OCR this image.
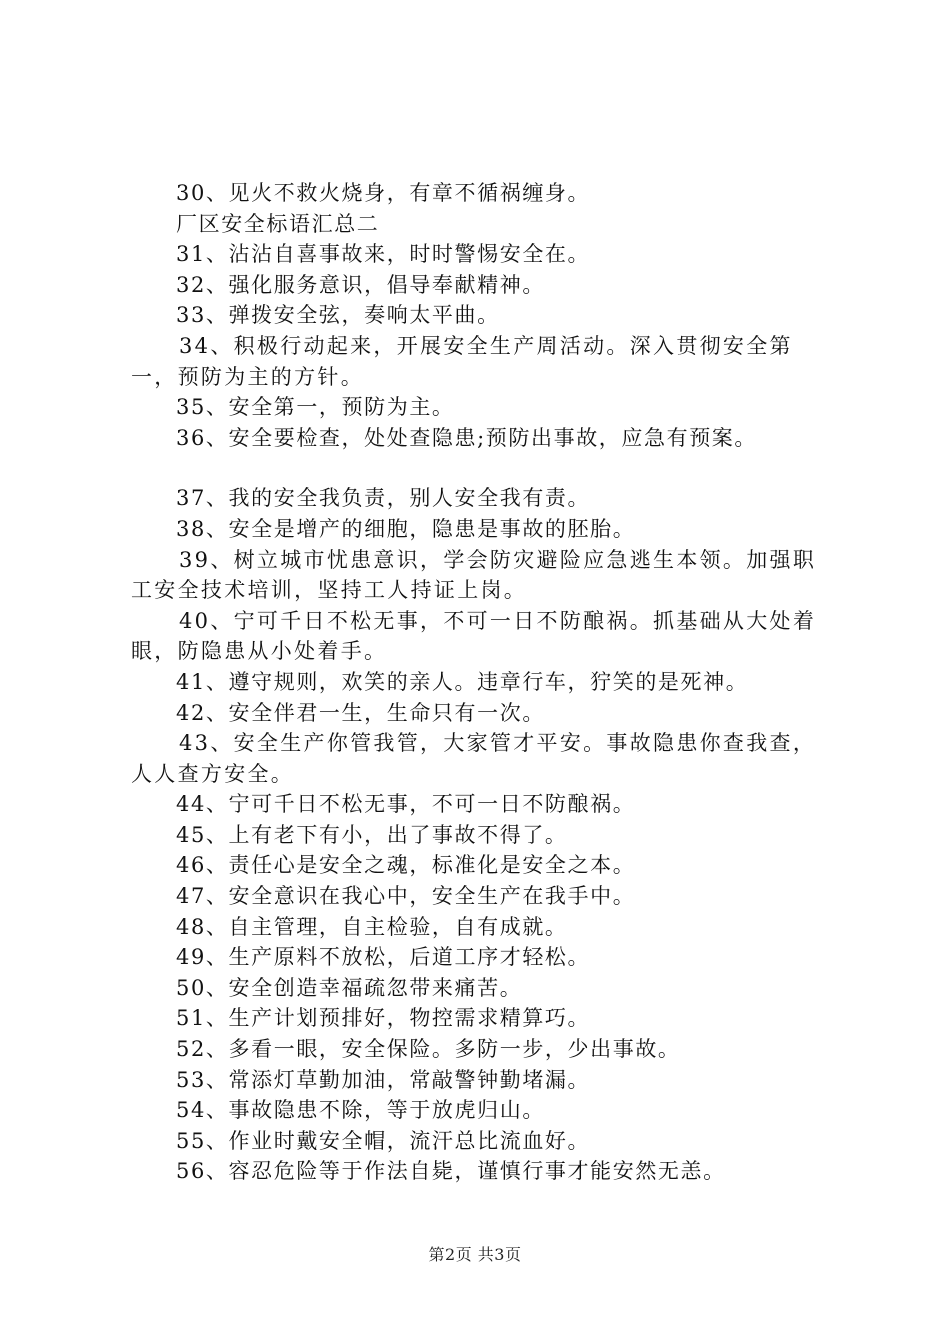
30、见火不救火烧身，有章不循祸缠身。
厂区安全标语汇总二
31、沾沾自喜事故来，时时警惕安全在。
32、强化服务意识，倡导奉献精神。
33、弹拨安全弦，奏响太平曲。
34、积极行动起来，开展安全生产周活动。深入贯彻安全第一，预防为主的方针。
35、安全第一，预防为主。
36、安全要检查，处处查隐患;预防出事故，应急有预案。
37、我的安全我负责，别人安全我有责。
38、安全是增产的细胞，隐患是事故的胚胎。
39、树立城市忧患意识，学会防灾避险应急逃生本领。加强职工安全技术培训，坚持工人持证上岗。
40、宁可千日不松无事，不可一日不防酿祸。抓基础从大处着眼，防隐患从小处着手。
41、遵守规则，欢笑的亲人。违章行车，狞笑的是死神。
42、安全伴君一生，生命只有一次。
43、安全生产你管我管，大家管才平安。事故隐患你查我查，人人查方安全。
44、宁可千日不松无事，不可一日不防酿祸。
45、上有老下有小，出了事故不得了。
46、责任心是安全之魂，标准化是安全之本。
47、安全意识在我心中，安全生产在我手中。
48、自主管理，自主检验，自有成就。
49、生产原料不放松，后道工序才轻松。
50、安全创造幸福疏忽带来痛苦。
51、生产计划预排好，物控需求精算巧。
52、多看一眼，安全保险。多防一步，少出事故。
53、常添灯草勤加油，常敲警钟勤堵漏。
54、事故隐患不除，等于放虎归山。
55、作业时戴安全帽，流汗总比流血好。
56、容忍危险等于作法自毙，谨慎行事才能安然无恙。
第2页 共3页
